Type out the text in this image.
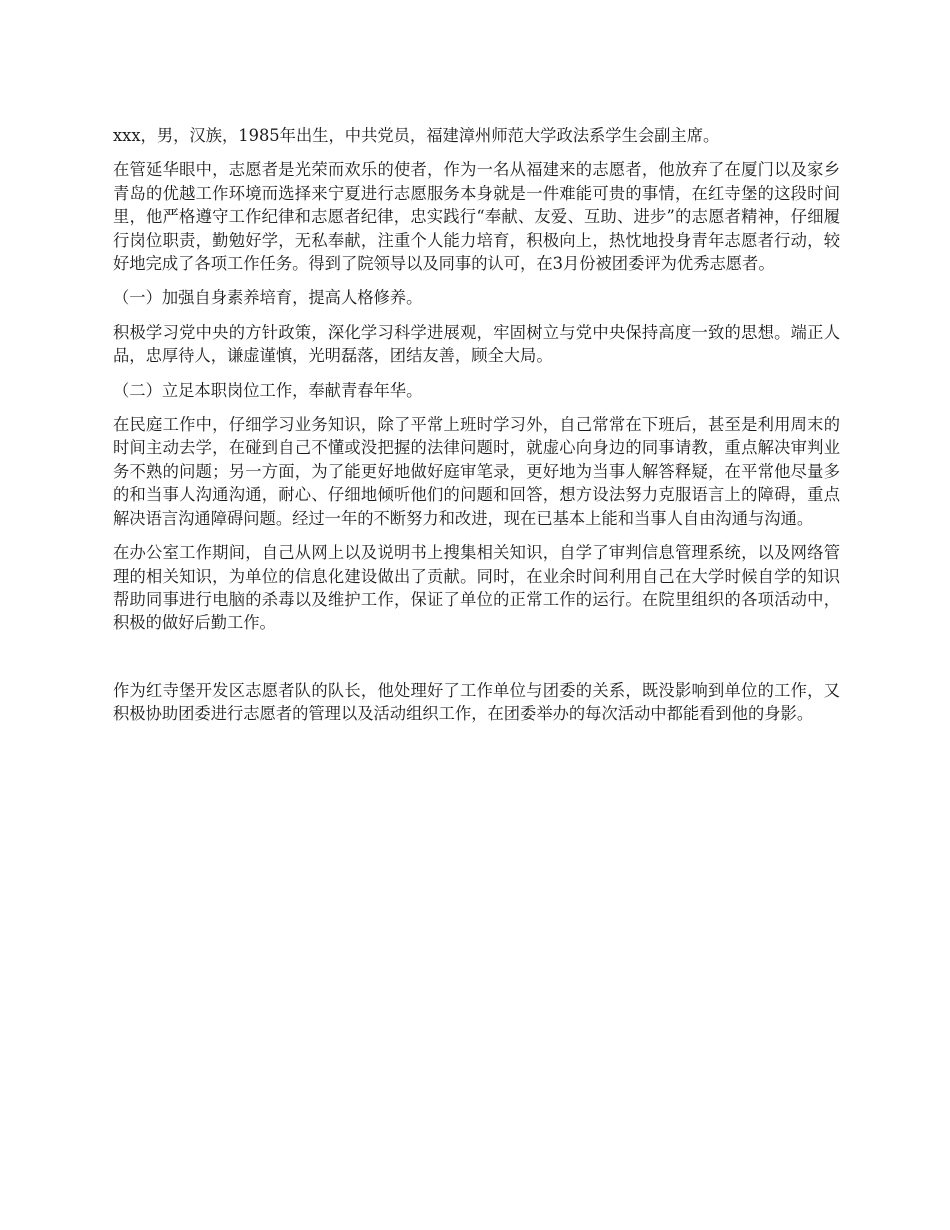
xxx，男，汉族，1985年出生，中共党员，福建漳州师范大学政法系学生会副主席。

在管延华眼中，志愿者是光荣而欢乐的使者，作为一名从福建来的志愿者，他放弃了在厦门以及家乡青岛的优越工作环境而选择来宁夏进行志愿服务本身就是一件难能可贵的事情，在红寺堡的这段时间里，他严格遵守工作纪律和志愿者纪律，忠实践行“奉献、友爱、互助、进步”的志愿者精神，仔细履行岗位职责，勤勉好学，无私奉献，注重个人能力培育，积极向上，热忱地投身青年志愿者行动，较好地完成了各项工作任务。得到了院领导以及同事的认可，在3月份被团委评为优秀志愿者。

（一）加强自身素养培育，提高人格修养。

积极学习党中央的方针政策，深化学习科学进展观，牢固树立与党中央保持高度一致的思想。端正人品，忠厚待人，谦虚谨慎，光明磊落，团结友善，顾全大局。

（二）立足本职岗位工作，奉献青春年华。

在民庭工作中，仔细学习业务知识，除了平常上班时学习外，自己常常在下班后，甚至是利用周末的时间主动去学，在碰到自己不懂或没把握的法律问题时，就虚心向身边的同事请教，重点解决审判业务不熟的问题；另一方面，为了能更好地做好庭审笔录，更好地为当事人解答释疑，在平常他尽量多的和当事人沟通沟通，耐心、仔细地倾听他们的问题和回答，想方设法努力克服语言上的障碍，重点解决语言沟通障碍问题。经过一年的不断努力和改进，现在已基本上能和当事人自由沟通与沟通。

在办公室工作期间，自己从网上以及说明书上搜集相关知识，自学了审判信息管理系统，以及网络管理的相关知识，为单位的信息化建设做出了贡献。同时，在业余时间利用自己在大学时候自学的知识帮助同事进行电脑的杀毒以及维护工作，保证了单位的正常工作的运行。在院里组织的各项活动中，积极的做好后勤工作。

作为红寺堡开发区志愿者队的队长，他处理好了工作单位与团委的关系，既没影响到单位的工作，又积极协助团委进行志愿者的管理以及活动组织工作，在团委举办的每次活动中都能看到他的身影。
